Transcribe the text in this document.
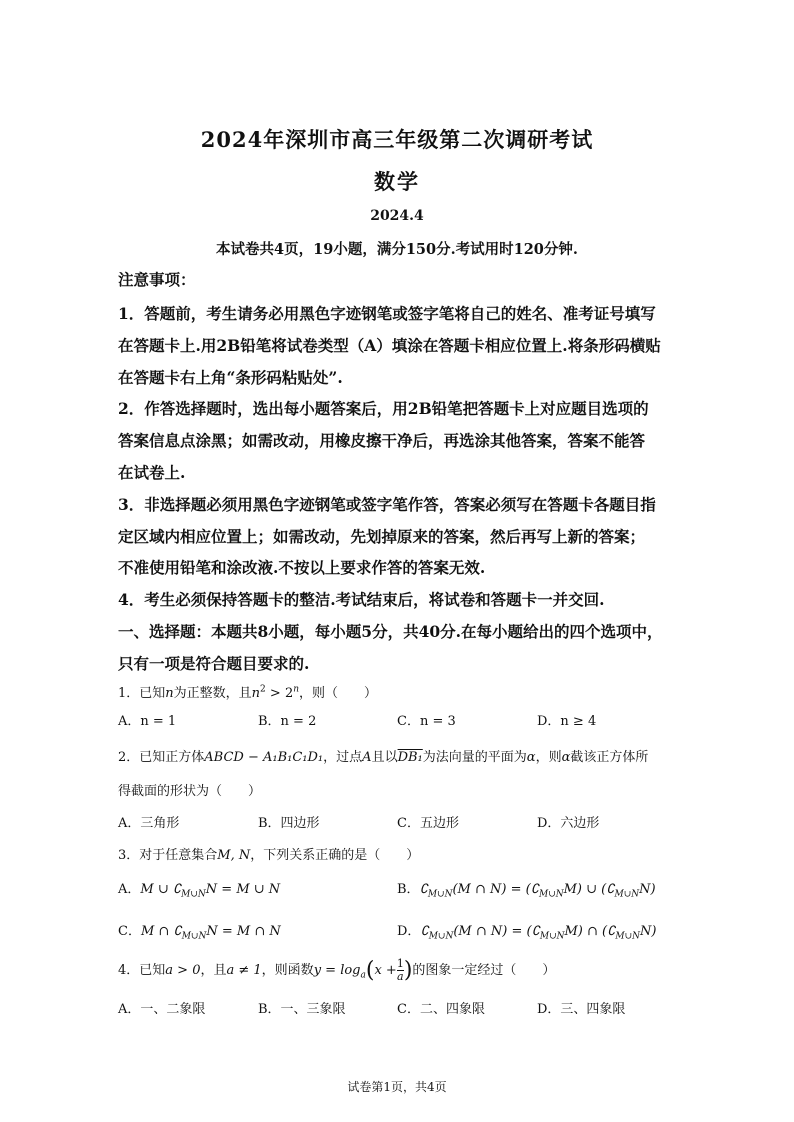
2024年深圳市高三年级第二次调研考试
数学
2024.4
本试卷共4页，19小题，满分150分.考试用时120分钟.
注意事项：
1．答题前，考生请务必用黑色字迹钢笔或签字笔将自己的姓名、准考证号填写
在答题卡上.用2B铅笔将试卷类型（A）填涂在答题卡相应位置上.将条形码横贴
在答题卡右上角“条形码粘贴处”.
2．作答选择题时，选出每小题答案后，用2B铅笔把答题卡上对应题目选项的
答案信息点涂黑；如需改动，用橡皮擦干净后，再选涂其他答案，答案不能答
在试卷上.
3．非选择题必须用黑色字迹钢笔或签字笔作答，答案必须写在答题卡各题目指
定区域内相应位置上；如需改动，先划掉原来的答案，然后再写上新的答案；
不准使用铅笔和涂改液.不按以上要求作答的答案无效.
4．考生必须保持答题卡的整洁.考试结束后，将试卷和答题卡一并交回.
一、选择题：本题共8小题，每小题5分，共40分.在每小题给出的四个选项中，
只有一项是符合题目要求的.
1．已知n为正整数，且$n^2 > 2^n$，则（　　）
A．n = 1	B．n = 2	C．n = 3	D．n ≥ 4
2．已知正方体ABCD − A₁B₁C₁D₁，过点A且以DB₁为法向量的平面为α，则α截该正方体所
得截面的形状为（　　）
A．三角形	B．四边形	C．五边形	D．六边形
3．对于任意集合M, N，下列关系正确的是（　　）
A．M ∪ $∁_{M\cup N}N = M$ ∪ N	B．$∁_{M\cup N}(M$ ∩ $N) = (∁_{M\cup N}M)$ ∪ $(∁_{M\cup N}N)$
C．M ∩ $∁_{M\cup N}N = M$ ∩ N	D．$∁_{M\cup N}(M$ ∩ $N) = (∁_{M\cup N}M)$ ∩ $(∁_{M\cup N}N)$
4．已知a > 0，且a ≠ 1，则函数$y = \log_a(x + \frac{1}{a}$ )的图象一定经过（　　）
A．一、二象限	B．一、三象限	C．二、四象限	D．三、四象限
试卷第1页，共4页
